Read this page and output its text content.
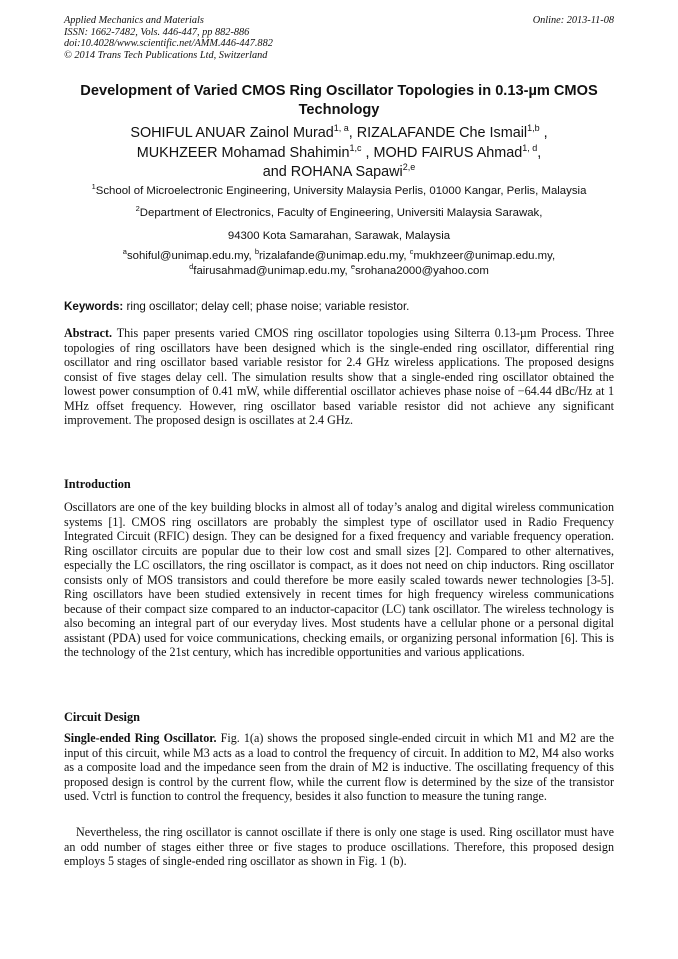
Applied Mechanics and Materials
ISSN: 1662-7482, Vols. 446-447, pp 882-886
doi:10.4028/www.scientific.net/AMM.446-447.882
© 2014 Trans Tech Publications Ltd, Switzerland
Online: 2013-11-08
Development of Varied CMOS Ring Oscillator Topologies in 0.13-µm CMOS Technology
SOHIFUL ANUAR Zainol Murad$^{1, a}$, RIZALAFANDE Che Ismail$^{1,b}$ ,
MUKHZEER Mohamad Shahimin$^{1,c}$ , MOHD FAIRUS Ahmad$^{1, d}$,
and ROHANA Sapawi$^{2,e}$
$^1$School of Microelectronic Engineering, University Malaysia Perlis, 01000 Kangar, Perlis, Malaysia
$^2$Department of Electronics, Faculty of Engineering, Universiti Malaysia Sarawak,
94300 Kota Samarahan, Sarawak, Malaysia
$^a$sohiful@unimap.edu.my, $^b$rizalafande@unimap.edu.my, $^c$mukhzeer@unimap.edu.my,
$^d$fairusahmad@unimap.edu.my, $^e$srohana2000@yahoo.com
Keywords: ring oscillator; delay cell; phase noise; variable resistor.

Abstract. This paper presents varied CMOS ring oscillator topologies using Silterra 0.13-µm Process. Three topologies of ring oscillators have been designed which is the single-ended ring oscillator, differential ring oscillator and ring oscillator based variable resistor for 2.4 GHz wireless applications. The proposed designs consist of five stages delay cell. The simulation results show that a single-ended ring oscillator obtained the lowest power consumption of 0.41 mW, while differential oscillator achieves phase noise of −64.44 dBc/Hz at 1 MHz offset frequency. However, ring oscillator based variable resistor did not achieve any significant improvement. The proposed design is oscillates at 2.4 GHz.

Introduction

Oscillators are one of the key building blocks in almost all of today’s analog and digital wireless communication systems [1]. CMOS ring oscillators are probably the simplest type of oscillator used in Radio Frequency Integrated Circuit (RFIC) design. They can be designed for a fixed frequency and variable frequency operation. Ring oscillator circuits are popular due to their low cost and small sizes [2]. Compared to other alternatives, especially the LC oscillators, the ring oscillator is compact, as it does not need on chip inductors. Ring oscillator consists only of MOS transistors and could therefore be more easily scaled towards newer technologies [3-5]. Ring oscillators have been studied extensively in recent times for high frequency wireless communications because of their compact size compared to an inductor-capacitor (LC) tank oscillator. The wireless technology is also becoming an integral part of our everyday lives. Most students have a cellular phone or a personal digital assistant (PDA) used for voice communications, checking emails, or organizing personal information [6]. This is the technology of the 21st century, which has incredible opportunities and various applications.

Circuit Design

Single-ended Ring Oscillator. Fig. 1(a) shows the proposed single-ended circuit in which M1 and M2 are the input of this circuit, while M3 acts as a load to control the frequency of circuit. In addition to M2, M4 also works as a composite load and the impedance seen from the drain of M2 is inductive. The oscillating frequency of this proposed design is control by the current flow, while the current flow is determined by the size of the transistor used. Vctrl is function to control the frequency, besides it also function to measure the tuning range.

Nevertheless, the ring oscillator is cannot oscillate if there is only one stage is used. Ring oscillator must have an odd number of stages either three or five stages to produce oscillations. Therefore, this proposed design employs 5 stages of single-ended ring oscillator as shown in Fig. 1 (b).
